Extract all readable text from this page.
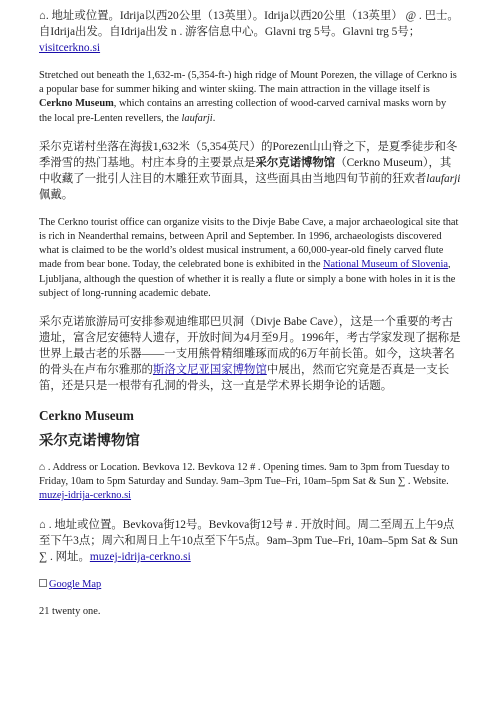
⌂. 地址或位置。Idrija以西20公里（13英里）。Idrija以西20公里（13英里） @ . 巴士。自Idrija出发。自Idrija出发 n . 游客信息中心。Glavni trg 5号。Glavni trg 5号；
visitcerkno.si

Stretched out beneath the 1,632-m- (5,354-ft-) high ridge of Mount Porezen, the village of Cerkno is a popular base for summer hiking and winter skiing. The main attraction in the village itself is Cerkno Museum, which contains an arresting collection of wood-carved carnival masks worn by the local pre-Lenten revellers, the laufarji.

采尔克诺村坐落在海拔1,632米（5,354英尺）的Porezen山山脊之下，是夏季徒步和冬季滑雪的热门基地。村庄本身的主要景点是采尔克诺博物馆（Cerkno Museum），其中收藏了一批引人注目的木雕狂欢节面具，这些面具由当地四旬节前的狂欢者laufarji佩戴。

The Cerkno tourist office can organize visits to the Divje Babe Cave, a major archaeological site that is rich in Neanderthal remains, between April and September. In 1996, archaeologists discovered what is claimed to be the world’s oldest musical instrument, a 60,000-year-old finely carved flute made from bear bone. Today, the celebrated bone is exhibited in the National Museum of Slovenia, Ljubljana, although the question of whether it is really a flute or simply a bone with holes in it is the subject of long-running academic debate.

采尔克诺旅游局可安排参观迪维耶巴贝洞（Divje Babe Cave），这是一个重要的考古遗址，富含尼安德特人遗存，开放时间为4月至9月。1996年，考古学家发现了据称是世界上最古老的乐器——一支用熊骨精细雕琢而成的6万年前长笛。如今，这块著名的骨头在卢布尔雅那的斯洛文尼亚国家博物馆中展出，然而它究竟是否真是一支长笛，还是只是一根带有孔洞的骨头，这一直是学术界长期争论的话题。

Cerkno Museum
采尔克诺博物馆

⌂ . Address or Location. Bevkova 12. Bevkova 12 # . Opening times. 9am to 3pm from Tuesday to Friday, 10am to 5pm Saturday and Sunday. 9am–3pm Tue–Fri, 10am–5pm Sat & Sun ∑ . Website. muzej-idrija-cerkno.si

⌂ . 地址或位置。Bevkova街12号。Bevkova街12号 # . 开放时间。周二至周五上午9点至下午3点；周六和周日上午10点至下午5点。9am–3pm Tue–Fri, 10am–5pm Sat & Sun ∑ . 网址。muzej-idrija-cerkno.si

Google Map

21 twenty one.
